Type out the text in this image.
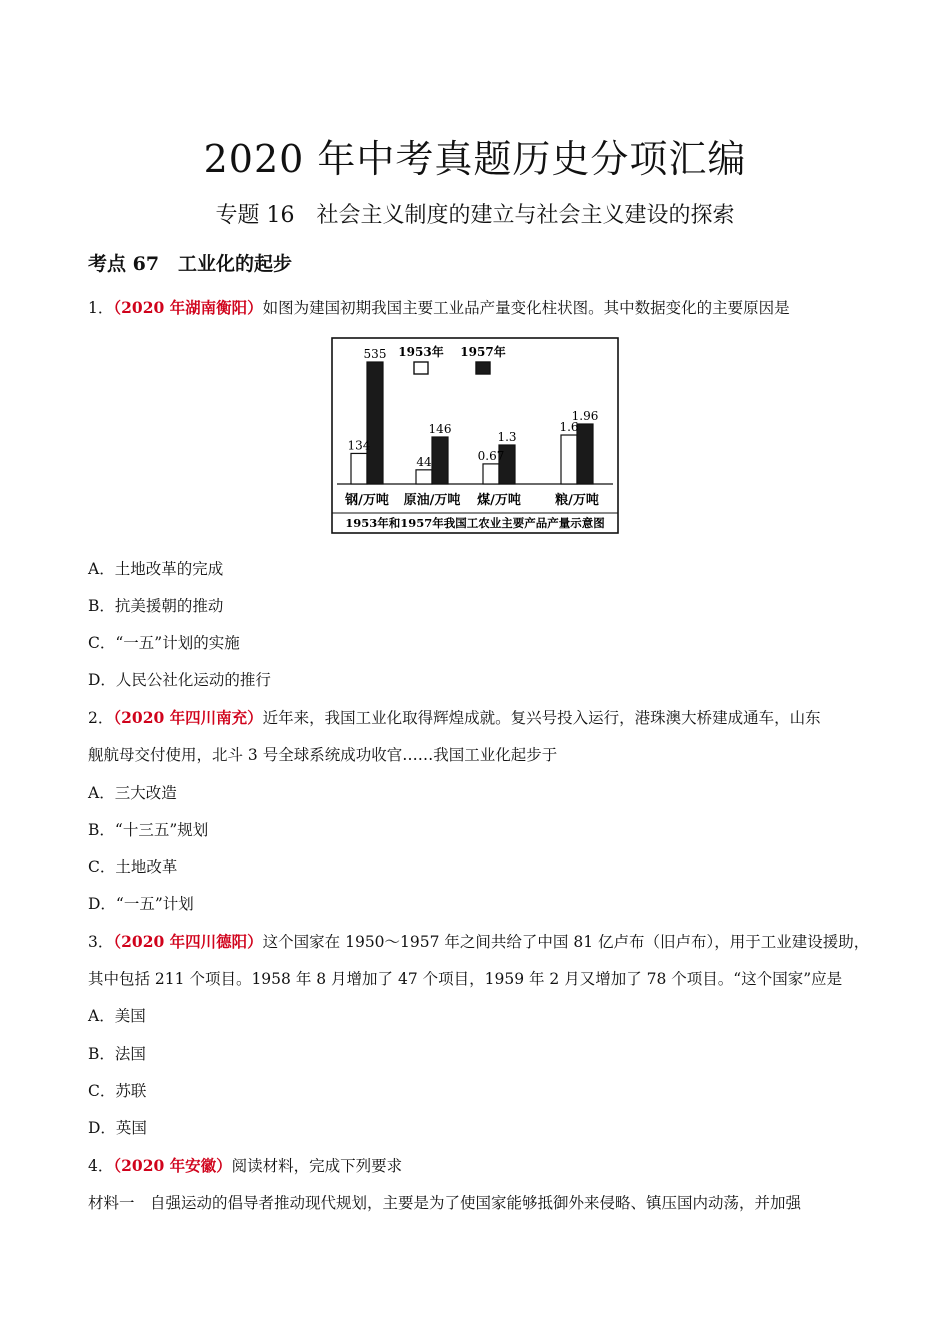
2020 年中考真题历史分项汇编
专题 16　社会主义制度的建立与社会主义建设的探索
考点 67　工业化的起步
1．（2020 年湖南衡阳）如图为建国初期我国主要工业品产量变化柱状图。其中数据变化的主要原因是
1953年 1957年
134
535
44
146
0.67
1.3
1.6
1.96
钢/万吨 原油/万吨 煤/万吨	粮/万吨
1953年和1957年我国工农业主要产品产量示意图
A．土地改革的完成
B．抗美援朝的推动
C．“一五”计划的实施
D．人民公社化运动的推行
2．（2020 年四川南充）近年来，我国工业化取得辉煌成就。复兴号投入运行，港珠澳大桥建成通车，山东
舰航母交付使用，北斗 3 号全球系统成功收官……我国工业化起步于
A．三大改造
B．“十三五”规划
C．土地改革
D．“一五”计划
3．（2020 年四川德阳）这个国家在 1950～1957 年之间共给了中国 81 亿卢布（旧卢布），用于工业建设援助，
其中包括 211 个项目。1958 年 8 月增加了 47 个项目，1959 年 2 月又增加了 78 个项目。“这个国家”应是
A．美国
B．法国
C．苏联
D．英国
4．（2020 年安徽）阅读材料，完成下列要求
材料一　自强运动的倡导者推动现代规划，主要是为了使国家能够抵御外来侵略、镇压国内动荡，并加强
